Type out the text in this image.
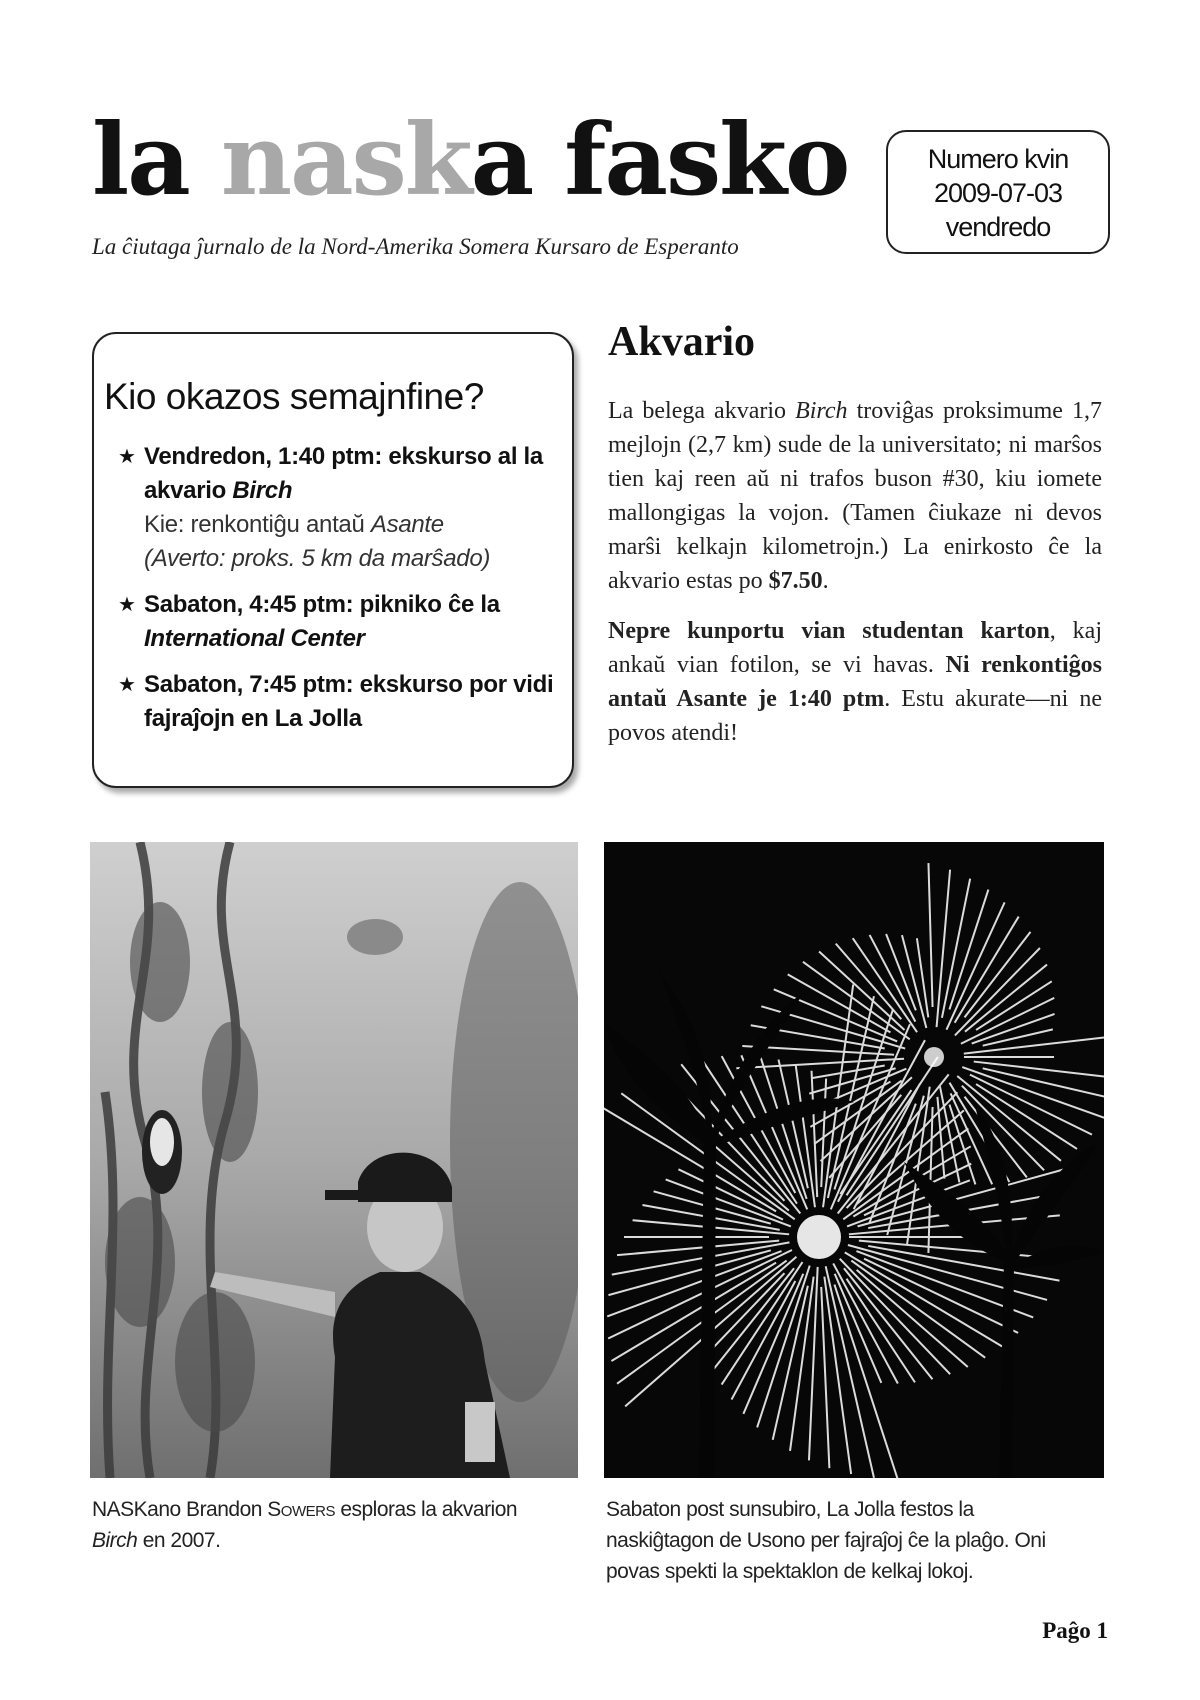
la naska fasko
La ĉiutaga ĵurnalo de la Nord-Amerika Somera Kursaro de Esperanto
Numero kvin
2009-07-03
vendredo
Kio okazos semajnfine?
★ Vendredon, 1:40 ptm: ekskurso al la akvario Birch
Kie: renkontiĝu antaŭ Asante
(Averto: proks. 5 km da marŝado)
★ Sabaton, 4:45 ptm: pikniko ĉe la International Center
★ Sabaton, 7:45 ptm: ekskurso por vidi fajraĵojn en La Jolla
Akvario

La belega akvario Birch troviĝas proksimume 1,7 mejlojn (2,7 km) sude de la universitato; ni marŝos tien kaj reen aŭ ni trafos buson #30, kiu iomete mallongigas la vojon. (Tamen ĉiukaze ni devos marŝi kelkajn kilometrojn.) La enirkosto ĉe la akvario estas po $7.50.

Nepre kunportu vian studentan karton, kaj ankaŭ vian fotilon, se vi havas. Ni renkontiĝos antaŭ Asante je 1:40 ptm. Estu akurate—ni ne povos atendi!

NASKano Brandon Sowers esploras la akvarion Birch en 2007.
Sabaton post sunsubiro, La Jolla festos la naskiĝtagon de Usono per fajraĵoj ĉe la plaĝo. Oni povas spekti la spektaklon de kelkaj lokoj.
Paĝo 1
